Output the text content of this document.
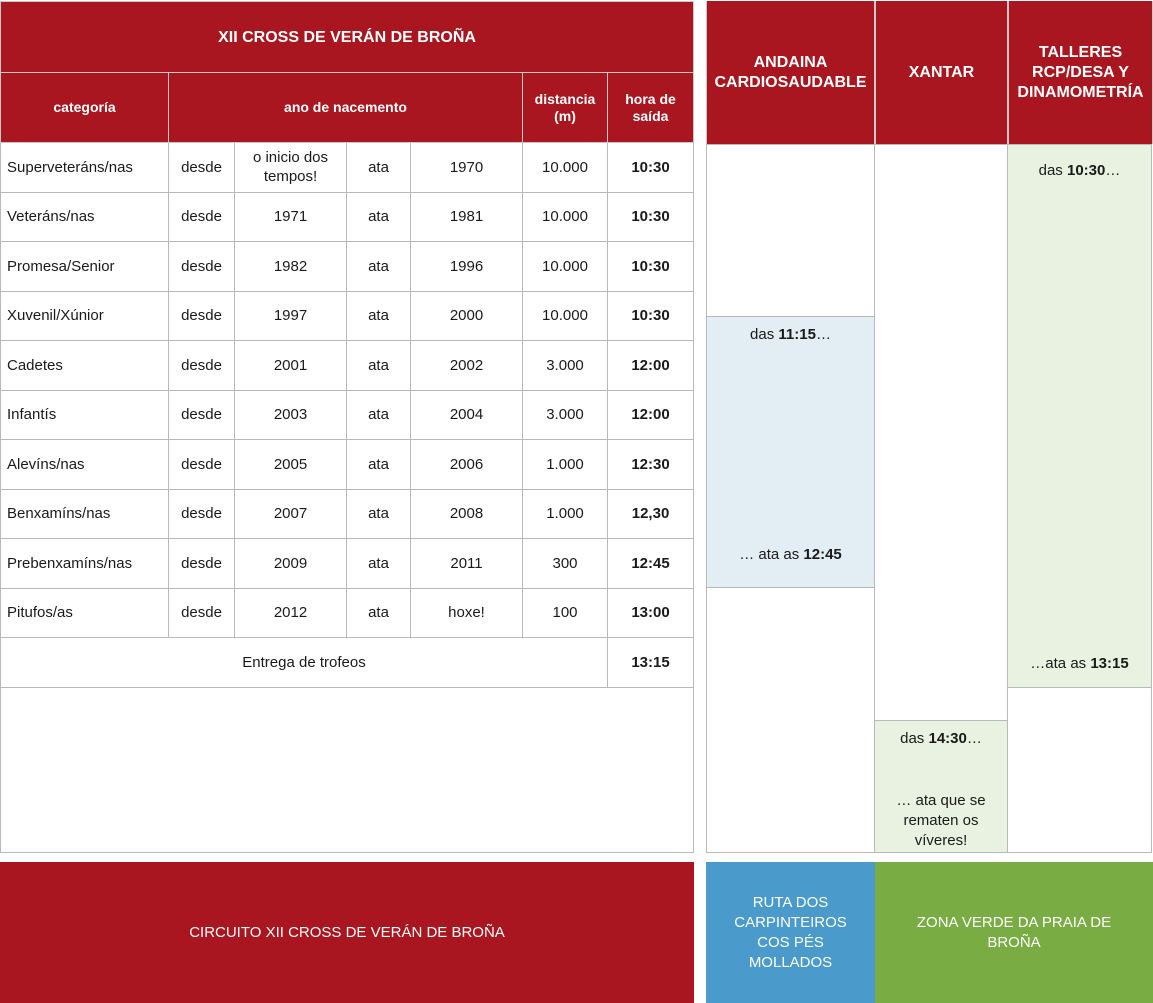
XII CROSS DE VERÁN DE BROÑA						
categoría	ano de nacemento				distancia (m)	hora de saída
Superveteráns/nas	desde	o inicio dos tempos!	ata	1970	10.000	10:30
Veteráns/nas	desde	1971	ata	1981	10.000	10:30
Promesa/Senior	desde	1982	ata	1996	10.000	10:30
Xuvenil/Xúnior	desde	1997	ata	2000	10.000	10:30
Cadetes	desde	2001	ata	2002	3.000	12:00
Infantís	desde	2003	ata	2004	3.000	12:00
Alevíns/nas	desde	2005	ata	2006	1.000	12:30
Benxamíns/nas	desde	2007	ata	2008	1.000	12,30
Prebenxamíns/nas	desde	2009	ata	2011	300	12:45
Pitufos/as	desde	2012	ata	hoxe!	100	13:00
Entrega de trofeos						13:15
ANDAINA CARDIOSAUDABLE
XANTAR
TALLERES RCP/DESA Y DINAMOMETRÍA
das 11:15…
… ata as 12:45
das 14:30…
… ata que se rematen os víveres!
das 10:30…
…ata as 13:15
CIRCUITO XII CROSS DE VERÁN DE BROÑA
RUTA DOS CARPINTEIROS COS PÉS MOLLADOS
ZONA VERDE DA PRAIA DE BROÑA
